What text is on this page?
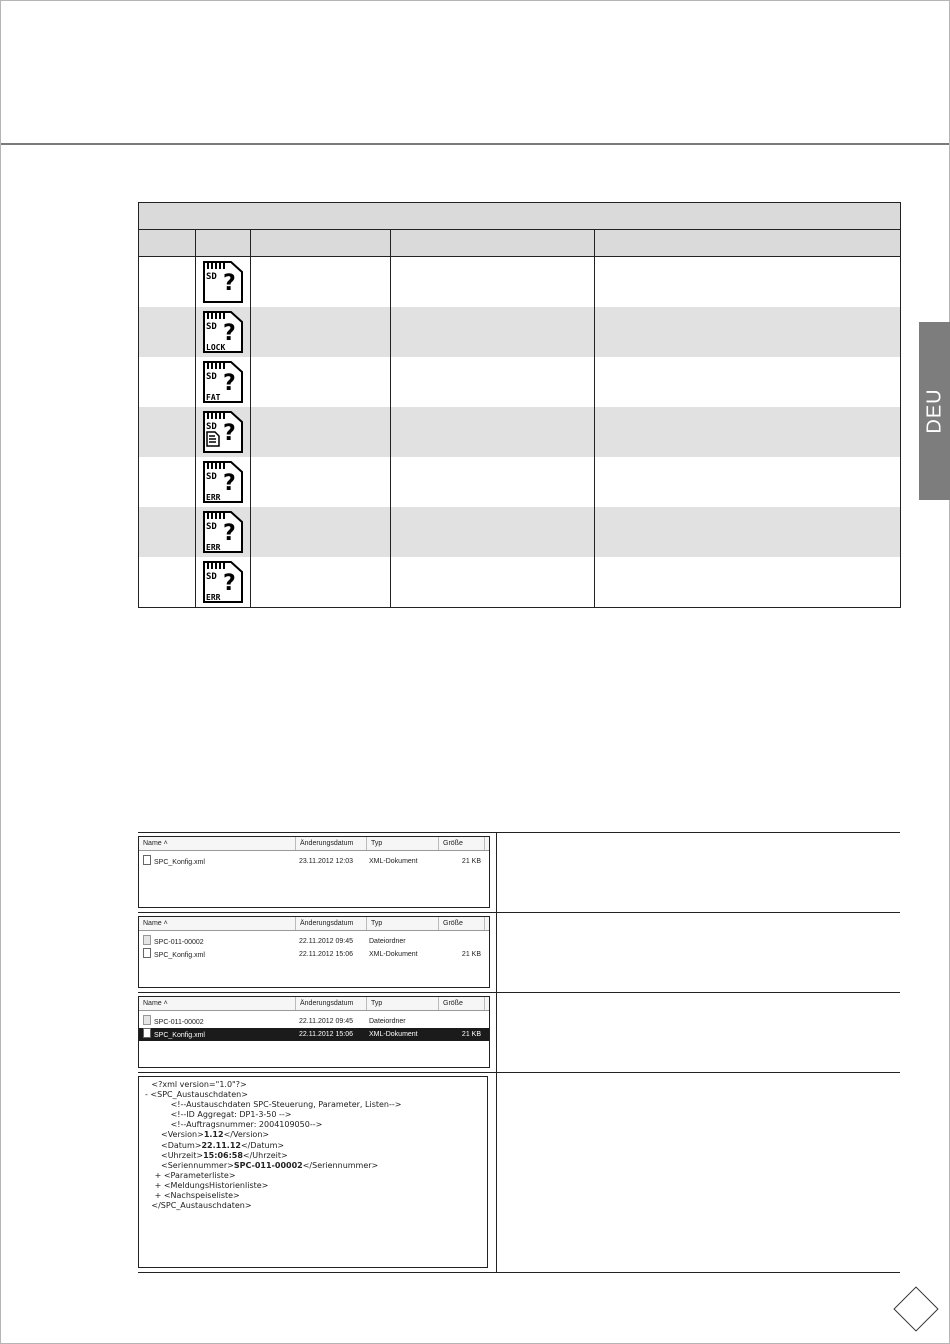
DEU

SD ?			

SD ?
LOCK			

SD ?
FAT			

SD ?			

SD ?
ERR			

SD ?
ERR			

SD ?
ERR			

Name ˄	Änderungsdatum	Typ	Größe
SPC_Konfig.xml	23.11.2012 12:03	XML-Dokument	21 KB
Name ˄	Änderungsdatum	Typ	Größe
SPC-011-00002	22.11.2012 09:45	Dateiordner
SPC_Konfig.xml	22.11.2012 15:06	XML-Dokument	21 KB
Name ˄	Änderungsdatum	Typ	Größe
SPC-011-00002	22.11.2012 09:45	Dateiordner
SPC_Konfig.xml	22.11.2012 15:06	XML-Dokument	21 KB
<?xml version="1.0"?>
- <SPC_Austauschdaten>
<!--Austauschdaten SPC-Steuerung, Parameter, Listen-->
<!--ID Aggregat: DP1-3-50 -->
<!--Auftragsnummer: 2004109050-->
<Version>1.12</Version>
<Datum>22.11.12</Datum>
<Uhrzeit>15:06:58</Uhrzeit>
<Seriennummer>SPC-011-00002</Seriennummer>
+ <Parameterliste>
+ <MeldungsHistorienliste>
+ <Nachspeiseliste>
</SPC_Austauschdaten>
